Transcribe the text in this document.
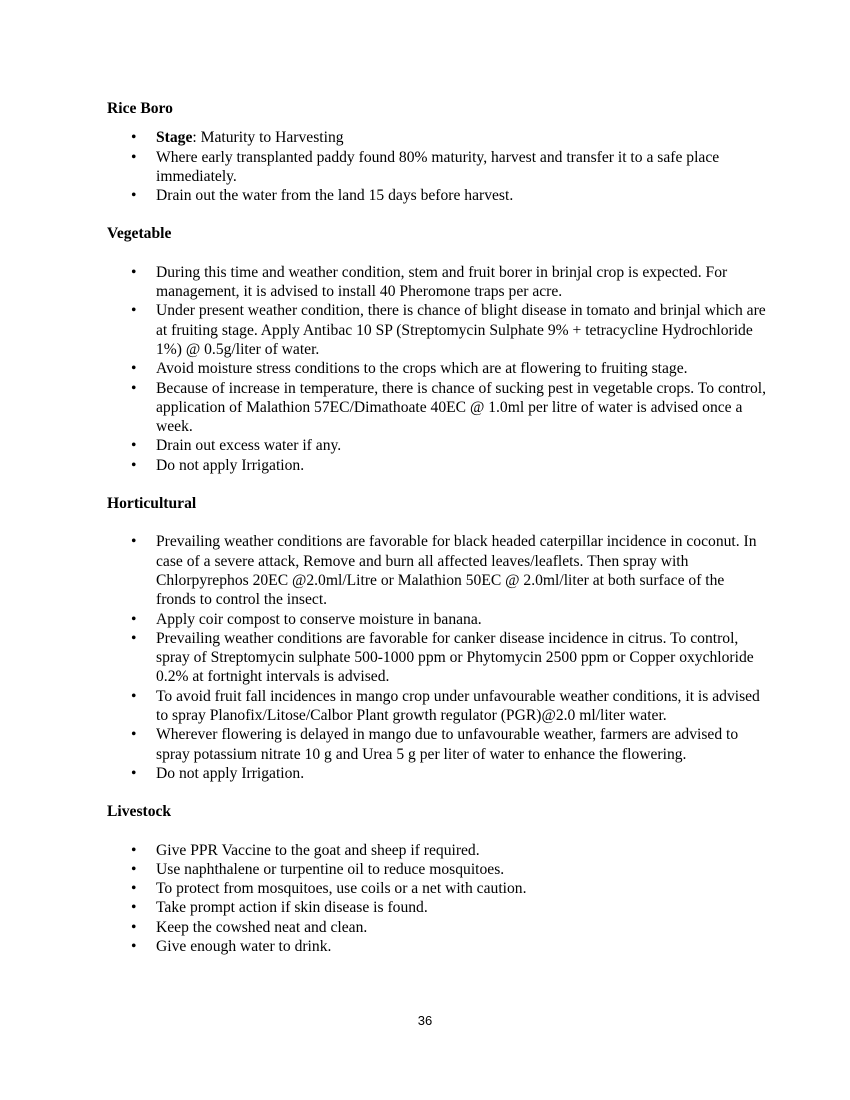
Rice Boro

• Stage: Maturity to Harvesting
• Where early transplanted paddy found 80% maturity, harvest and transfer it to a safe place immediately.
• Drain out the water from the land 15 days before harvest.

Vegetable

• During this time and weather condition, stem and fruit borer in brinjal crop is expected. For management, it is advised to install 40 Pheromone traps per acre.
• Under present weather condition, there is chance of blight disease in tomato and brinjal which are at fruiting stage. Apply Antibac 10 SP (Streptomycin Sulphate 9% + tetracycline Hydrochloride 1%) @ 0.5g/liter of water.
• Avoid moisture stress conditions to the crops which are at flowering to fruiting stage.
• Because of increase in temperature, there is chance of sucking pest in vegetable crops. To control, application of Malathion 57EC/Dimathoate 40EC @ 1.0ml per litre of water is advised once a week.
• Drain out excess water if any.
• Do not apply Irrigation.

Horticultural

• Prevailing weather conditions are favorable for black headed caterpillar incidence in coconut. In case of a severe attack, Remove and burn all affected leaves/leaflets. Then spray with Chlorpyrephos 20EC @2.0ml/Litre or Malathion 50EC @ 2.0ml/liter at both surface of the fronds to control the insect.
• Apply coir compost to conserve moisture in banana.
• Prevailing weather conditions are favorable for canker disease incidence in citrus. To control, spray of Streptomycin sulphate 500-1000 ppm or Phytomycin 2500 ppm or Copper oxychloride 0.2% at fortnight intervals is advised.
• To avoid fruit fall incidences in mango crop under unfavourable weather conditions, it is advised to spray Planofix/Litose/Calbor Plant growth regulator (PGR)@2.0 ml/liter water.
• Wherever flowering is delayed in mango due to unfavourable weather, farmers are advised to spray potassium nitrate 10 g and Urea 5 g per liter of water to enhance the flowering.
• Do not apply Irrigation.

Livestock

• Give PPR Vaccine to the goat and sheep if required.
• Use naphthalene or turpentine oil to reduce mosquitoes.
• To protect from mosquitoes, use coils or a net with caution.
• Take prompt action if skin disease is found.
• Keep the cowshed neat and clean.
• Give enough water to drink.
36
